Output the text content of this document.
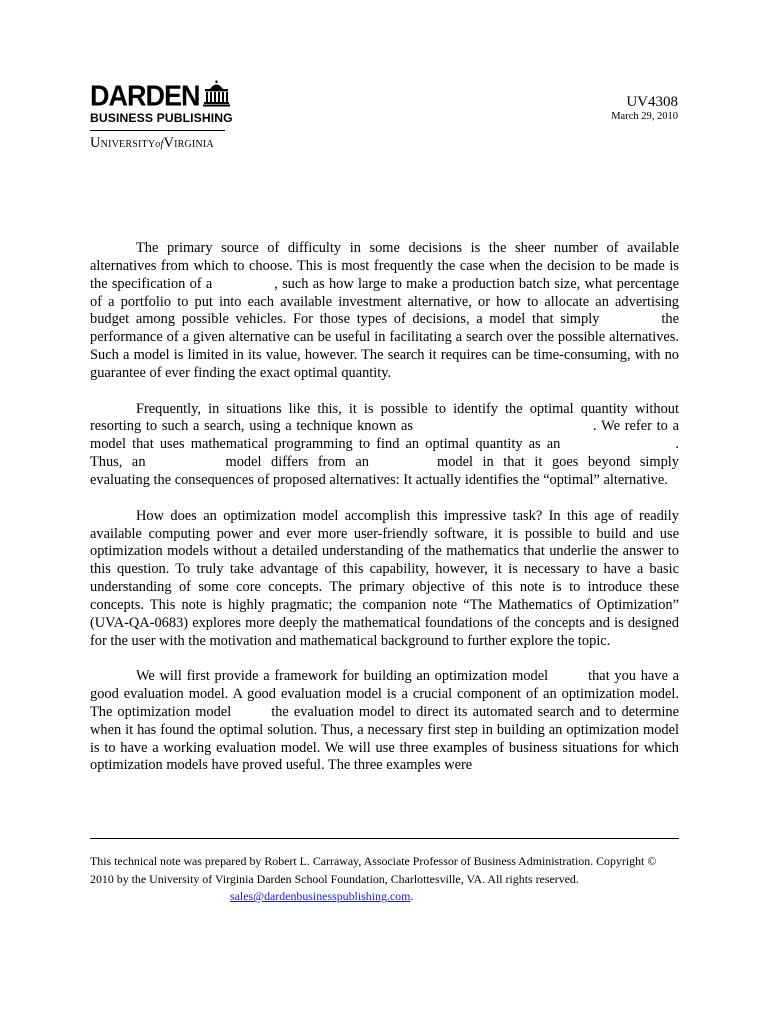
DARDEN
BUSINESS PUBLISHING
UniversityofVirginia
UV4308
March 29, 2010

The primary source of difficulty in some decisions is the sheer number of available alternatives from which to choose. This is most frequently the case when the decision to be made is the specification of a	, such as how large to make a production batch size, what percentage of a portfolio to put into each available investment alternative, or how to allocate an advertising budget among possible vehicles. For those types of decisions, a model that simply	the performance of a given alternative can be useful in facilitating a search over the possible alternatives. Such a model is limited in its value, however. The search it requires can be time-consuming, with no guarantee of ever finding the exact optimal quantity.

Frequently, in situations like this, it is possible to identify the optimal quantity without resorting to such a search, using a technique known as	. We refer to a model that uses mathematical programming to find an optimal quantity as an	. Thus, an	model differs from an	model in that it goes beyond simply evaluating the consequences of proposed alternatives: It actually identifies the “optimal” alternative.

How does an optimization model accomplish this impressive task? In this age of readily available computing power and ever more user-friendly software, it is possible to build and use optimization models without a detailed understanding of the mathematics that underlie the answer to this question. To truly take advantage of this capability, however, it is necessary to have a basic understanding of some core concepts. The primary objective of this note is to introduce these concepts. This note is highly pragmatic; the companion note “The Mathematics of Optimization” (UVA-QA-0683) explores more deeply the mathematical foundations of the concepts and is designed for the user with the motivation and mathematical background to further explore the topic.

We will first provide a framework for building an optimization model	that you have a good evaluation model. A good evaluation model is a crucial component of an optimization model. The optimization model	the evaluation model to direct its automated search and to determine when it has found the optimal solution. Thus, a necessary first step in building an optimization model is to have a working evaluation model. We will use three examples of business situations for which optimization models have proved useful. The three examples were

This technical note was prepared by Robert L. Carraway, Associate Professor of Business Administration. Copyright © 2010 by the University of Virginia Darden School Foundation, Charlottesville, VA. All rights reserved.
sales@dardenbusinesspublishing.com.
